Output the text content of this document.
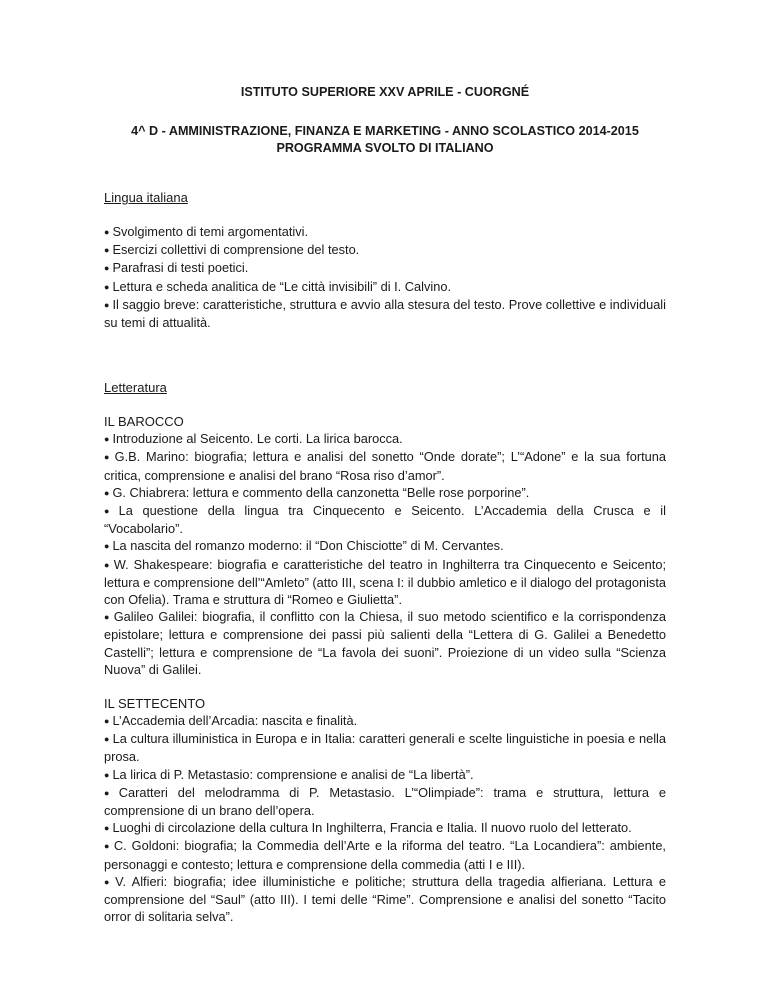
ISTITUTO SUPERIORE XXV APRILE - CUORGNÉ

4^ D - AMMINISTRAZIONE, FINANZA E MARKETING - ANNO SCOLASTICO 2014-2015

PROGRAMMA SVOLTO DI ITALIANO

Lingua italiana

● Svolgimento di temi argomentativi.
● Esercizi collettivi di comprensione del testo.
● Parafrasi di testi poetici.
● Lettura e scheda analitica de “Le città invisibili” di I. Calvino.
● Il saggio breve: caratteristiche, struttura e avvio alla stesura del testo. Prove collettive e individuali su temi di attualità.

Letteratura

IL BAROCCO

● Introduzione al Seicento. Le corti. La lirica barocca.
● G.B. Marino: biografia; lettura e analisi del sonetto “Onde dorate”; L’“Adone” e la sua fortuna critica, comprensione e analisi del brano “Rosa riso d’amor”.
● G. Chiabrera: lettura e commento della canzonetta “Belle rose porporine”.
● La questione della lingua tra Cinquecento e Seicento. L’Accademia della Crusca e il “Vocabolario”.
● La nascita del romanzo moderno: il “Don Chisciotte” di M. Cervantes.
● W. Shakespeare: biografia e caratteristiche del teatro in Inghilterra tra Cinquecento e Seicento; lettura e comprensione dell’“Amleto” (atto III, scena I: il dubbio amletico e il dialogo del protagonista con Ofelia). Trama e struttura di “Romeo e Giulietta”.
● Galileo Galilei: biografia, il conflitto con la Chiesa, il suo metodo scientifico e la corrispondenza epistolare; lettura e comprensione dei passi più salienti della “Lettera di G. Galilei a Benedetto Castelli”; lettura e comprensione de “La favola dei suoni”. Proiezione di un video sulla “Scienza Nuova” di Galilei.

IL SETTECENTO

● L’Accademia dell’Arcadia: nascita e finalità.
● La cultura illuministica in Europa e in Italia: caratteri generali e scelte linguistiche in poesia e nella prosa.
● La lirica di P. Metastasio: comprensione e analisi de “La libertà”.
● Caratteri del melodramma di P. Metastasio. L’“Olimpiade”: trama e struttura, lettura e comprensione di un brano dell’opera.
● Luoghi di circolazione della cultura In Inghilterra, Francia e Italia. Il nuovo ruolo del letterato.
● C. Goldoni: biografia; la Commedia dell’Arte e la riforma del teatro. “La Locandiera”: ambiente, personaggi e contesto; lettura e comprensione della commedia (atti I e III).
● V. Alfieri: biografia; idee illuministiche e politiche; struttura della tragedia alfieriana. Lettura e comprensione del “Saul” (atto III). I temi delle “Rime”. Comprensione e analisi del sonetto “Tacito orror di solitaria selva”.
